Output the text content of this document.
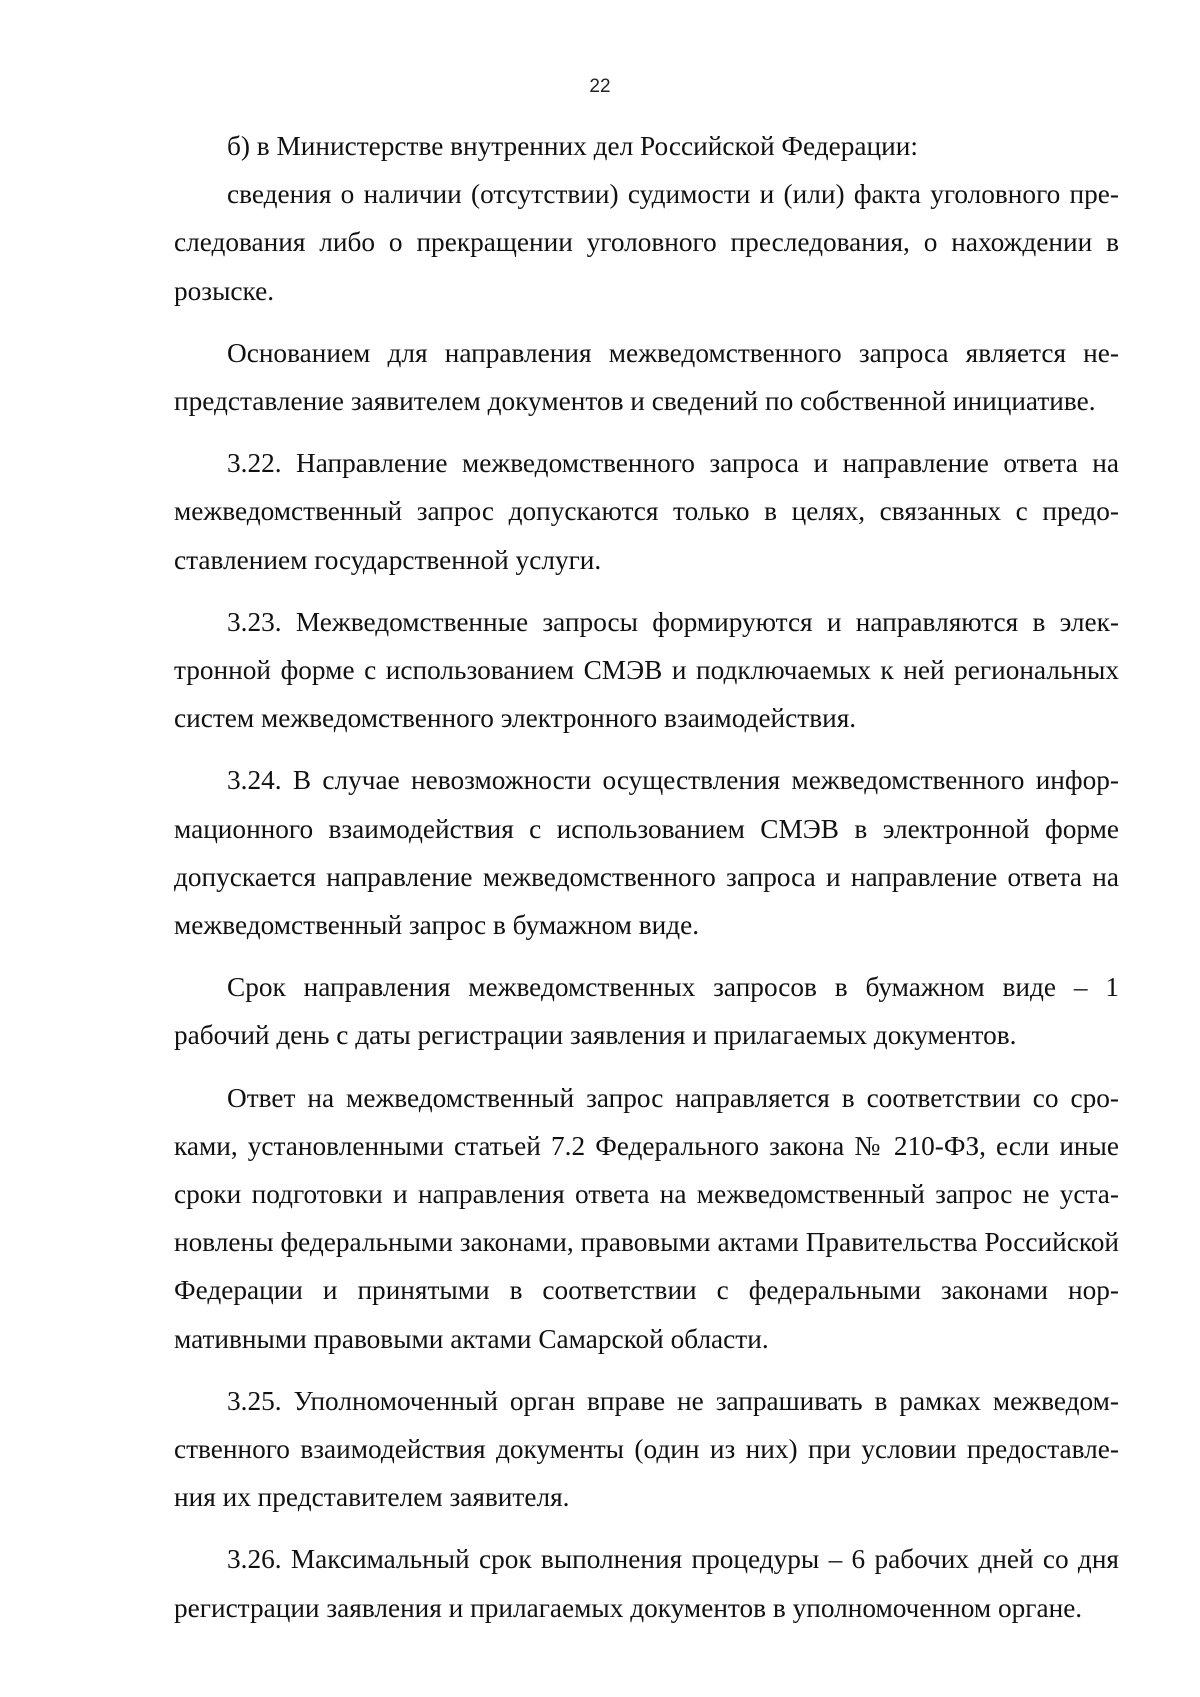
22

б) в Министерстве внутренних дел Российской Федерации:

сведения о наличии (отсутствии) судимости и (или) факта уголовного преследования либо о прекращении уголовного преследования, о нахождении в розыске.

Основанием для направления межведомственного запроса является непредставление заявителем документов и сведений по собственной инициативе.

3.22. Направление межведомственного запроса и направление ответа на межведомственный запрос допускаются только в целях, связанных с предоставлением государственной услуги.

3.23. Межведомственные запросы формируются и направляются в электронной форме с использованием СМЭВ и подключаемых к ней региональных систем межведомственного электронного взаимодействия.

3.24. В случае невозможности осуществления межведомственного информационного взаимодействия с использованием СМЭВ в электронной форме допускается направление межведомственного запроса и направление ответа на межведомственный запрос в бумажном виде.

Срок направления межведомственных запросов в бумажном виде – 1 рабочий день с даты регистрации заявления и прилагаемых документов.

Ответ на межведомственный запрос направляется в соответствии со сроками, установленными статьей 7.2 Федерального закона № 210-ФЗ, если иные сроки подготовки и направления ответа на межведомственный запрос не установлены федеральными законами, правовыми актами Правительства Российской Федерации и принятыми в соответствии с федеральными законами нормативными правовыми актами Самарской области.

3.25. Уполномоченный орган вправе не запрашивать в рамках межведомственного взаимодействия документы (один из них) при условии предоставления их представителем заявителя.

3.26. Максимальный срок выполнения процедуры – 6 рабочих дней со дня регистрации заявления и прилагаемых документов в уполномоченном органе.
